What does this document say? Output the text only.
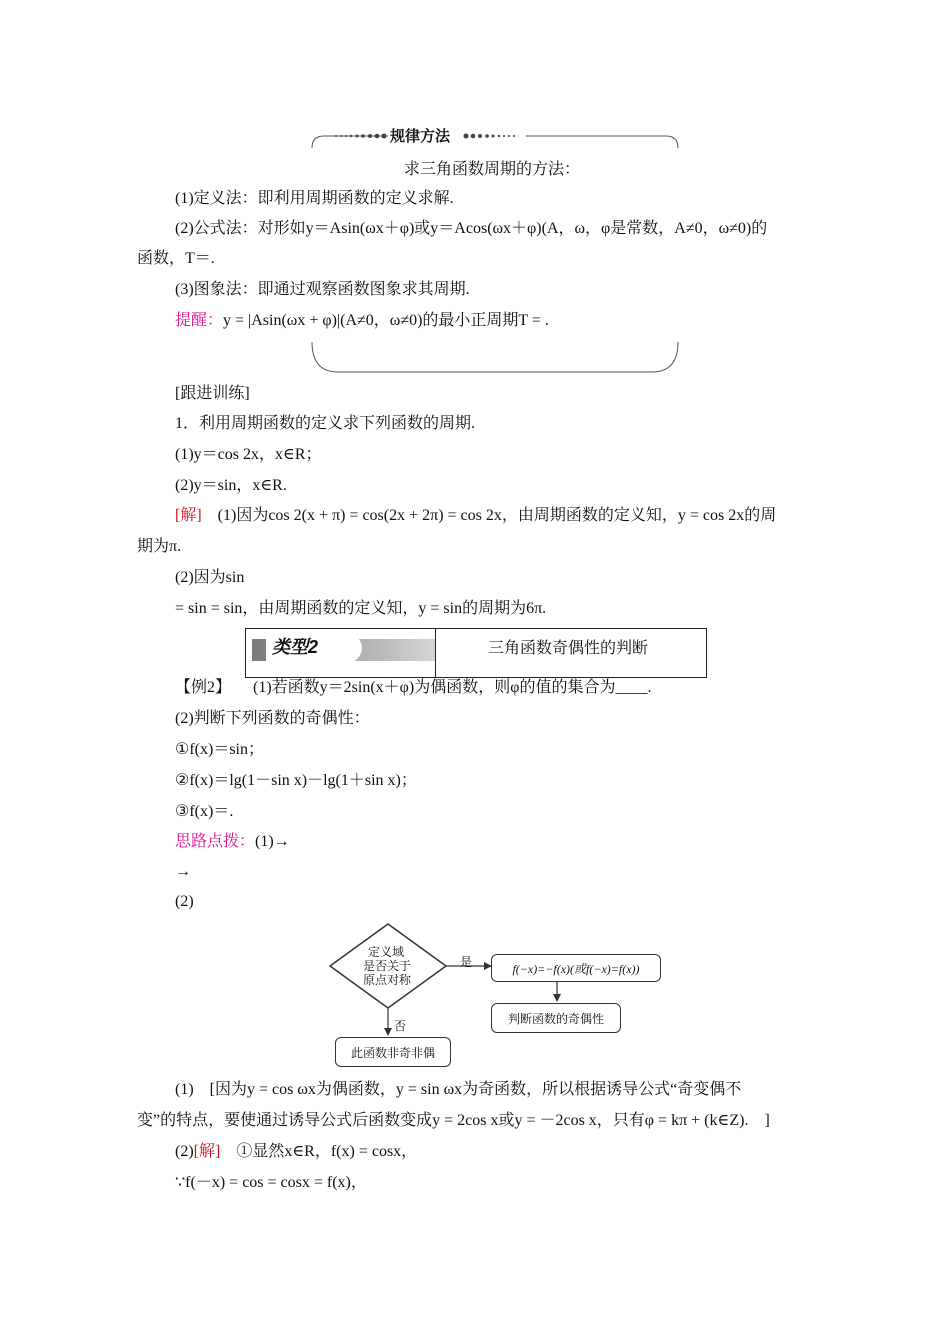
规律方法
求三角函数周期的方法：
(1)定义法：即利用周期函数的定义求解.
(2)公式法：对形如y＝Asin(ωx＋φ)或y＝Acos(ωx＋φ)(A，ω，φ是常数，A≠0，ω≠0)的
函数，T＝.
(3)图象法：即通过观察函数图象求其周期.
提醒：y = |Asin(ωx + φ)|(A≠0，ω≠0)的最小正周期T = .
[跟进训练]
1．利用周期函数的定义求下列函数的周期.
(1)y＝cos 2x，x∈R；
(2)y＝sin，x∈R.
[解] (1)因为cos 2(x + π) = cos(2x + 2π) = cos 2x，由周期函数的定义知，y = cos 2x的周
期为π.
(2)因为sin
= sin = sin，由周期函数的定义知，y = sin的周期为6π.
类型2	三角函数奇偶性的判断
【例2】 (1)若函数y＝2sin(x＋φ)为偶函数，则φ的值的集合为____.
(2)判断下列函数的奇偶性：
①f(x)＝sin；
②f(x)＝lg(1－sin x)－lg(1＋sin x)；
③f(x)＝.
思路点拨：(1)→
→
(2)
定义域
是否关于
原点对称
是
否
f(−x)=−f(x)(或f(−x)=f(x))
判断函数的奇偶性
此函数非奇非偶
(1)　[因为y = cos ωx为偶函数，y = sin ωx为奇函数，所以根据诱导公式“奇变偶不
变”的特点，要使通过诱导公式后函数变成y = 2cos x或y = －2cos x，只有φ = kπ + (k∈Z).　]
(2)[解] ①显然x∈R，f(x) = cosx，
∵f(－x) = cos = cosx = f(x)，
